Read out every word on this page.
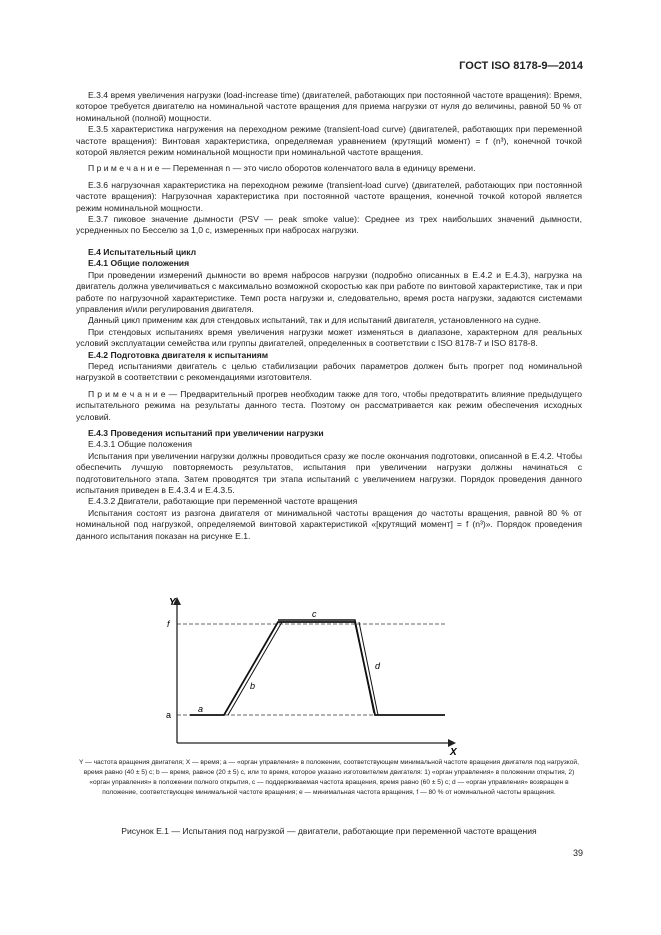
ГОСТ ISO 8178-9—2014

Е.3.4 время увеличения нагрузки (load-increase time) (двигателей, работающих при постоянной частоте вращения): Время, которое требуется двигателю на номинальной частоте вращения для приема нагрузки от нуля до величины, равной 50 % от номинальной (полной) мощности.

Е.3.5 характеристика нагружения на переходном режиме (transient-load curve) (двигателей, работающих при переменной частоте вращения): Винтовая характеристика, определяемая уравнением (крутящий момент) = f (n³), конечной точкой которой является режим номинальной мощности при номинальной частоте вращения.

П р и м е ч а н и е — Переменная n — это число оборотов коленчатого вала в единицу времени.

Е.3.6 нагрузочная характеристика на переходном режиме (transient-load curve) (двигателей, работающих при постоянной частоте вращения): Нагрузочная характеристика при постоянной частоте вращения, конечной точкой которой является режим номинальной мощности.

Е.3.7 пиковое значение дымности (PSV — peak smoke value): Среднее из трех наибольших значений дымности, усредненных по Бесселю за 1,0 с, измеренных при набросах нагрузки.

Е.4 Испытательный цикл

Е.4.1 Общие положения

При проведении измерений дымности во время набросов нагрузки (подробно описанных в Е.4.2 и Е.4.3), нагрузка на двигатель должна увеличиваться с максимально возможной скоростью как при работе по винтовой характеристике, так и при работе по нагрузочной характеристике. Темп роста нагрузки и, следовательно, время роста нагрузки, задаются системами управления и/или регулирования двигателя.

Данный цикл применим как для стендовых испытаний, так и для испытаний двигателя, установленного на судне.

При стендовых испытаниях время увеличения нагрузки может изменяться в диапазоне, характерном для реальных условий эксплуатации семейства или группы двигателей, определенных в соответствии с ISO 8178-7 и ISO 8178-8.

Е.4.2 Подготовка двигателя к испытаниям

Перед испытаниями двигатель с целью стабилизации рабочих параметров должен быть прогрет под номинальной нагрузкой в соответствии с рекомендациями изготовителя.

П р и м е ч а н и е — Предварительный прогрев необходим также для того, чтобы предотвратить влияние предыдущего испытательного режима на результаты данного теста. Поэтому он рассматривается как режим обеспечения исходных условий.

Е.4.3 Проведения испытаний при увеличении нагрузки

Е.4.3.1 Общие положения

Испытания при увеличении нагрузки должны проводиться сразу же после окончания подготовки, описанной в Е.4.2. Чтобы обеспечить лучшую повторяемость результатов, испытания при увеличении нагрузки должны начинаться с подготовительного этапа. Затем проводятся три этапа испытаний с увеличением нагрузки. Порядок проведения данного испытания приведен в Е.4.3.4 и Е.4.3.5.

Е.4.3.2 Двигатели, работающие при переменной частоте вращения

Испытания состоят из разгона двигателя от минимальной частоты вращения до частоты вращения, равной 80 % от номинальной под нагрузкой, определяемой винтовой характеристикой «[крутящий момент] = f (n³)». Порядок проведения данного испытания показан на рисунке Е.1.

Y
X
f
a
a
b
c
d
Y — частота вращения двигателя; X — время; a — «орган управления» в положении, соответствующем минимальной частоте вращения двигателя под нагрузкой, время равно (40 ± 5) с; b — время, равное (20 ± 5) с, или то время, которое указано изготовителем двигателя: 1) «орган управления» в положении открытия, 2) «орган управления» в положении полного открытия, c — поддерживаемая частота вращения, время равно (60 ± 5) с; d — «орган управления» возвращен в положение, соответствующее минимальной частоте вращения; e — минимальная частота вращения, f — 80 % от номинальной частоты вращения.
Рисунок Е.1 — Испытания под нагрузкой — двигатели, работающие при переменной частоте вращения
39
